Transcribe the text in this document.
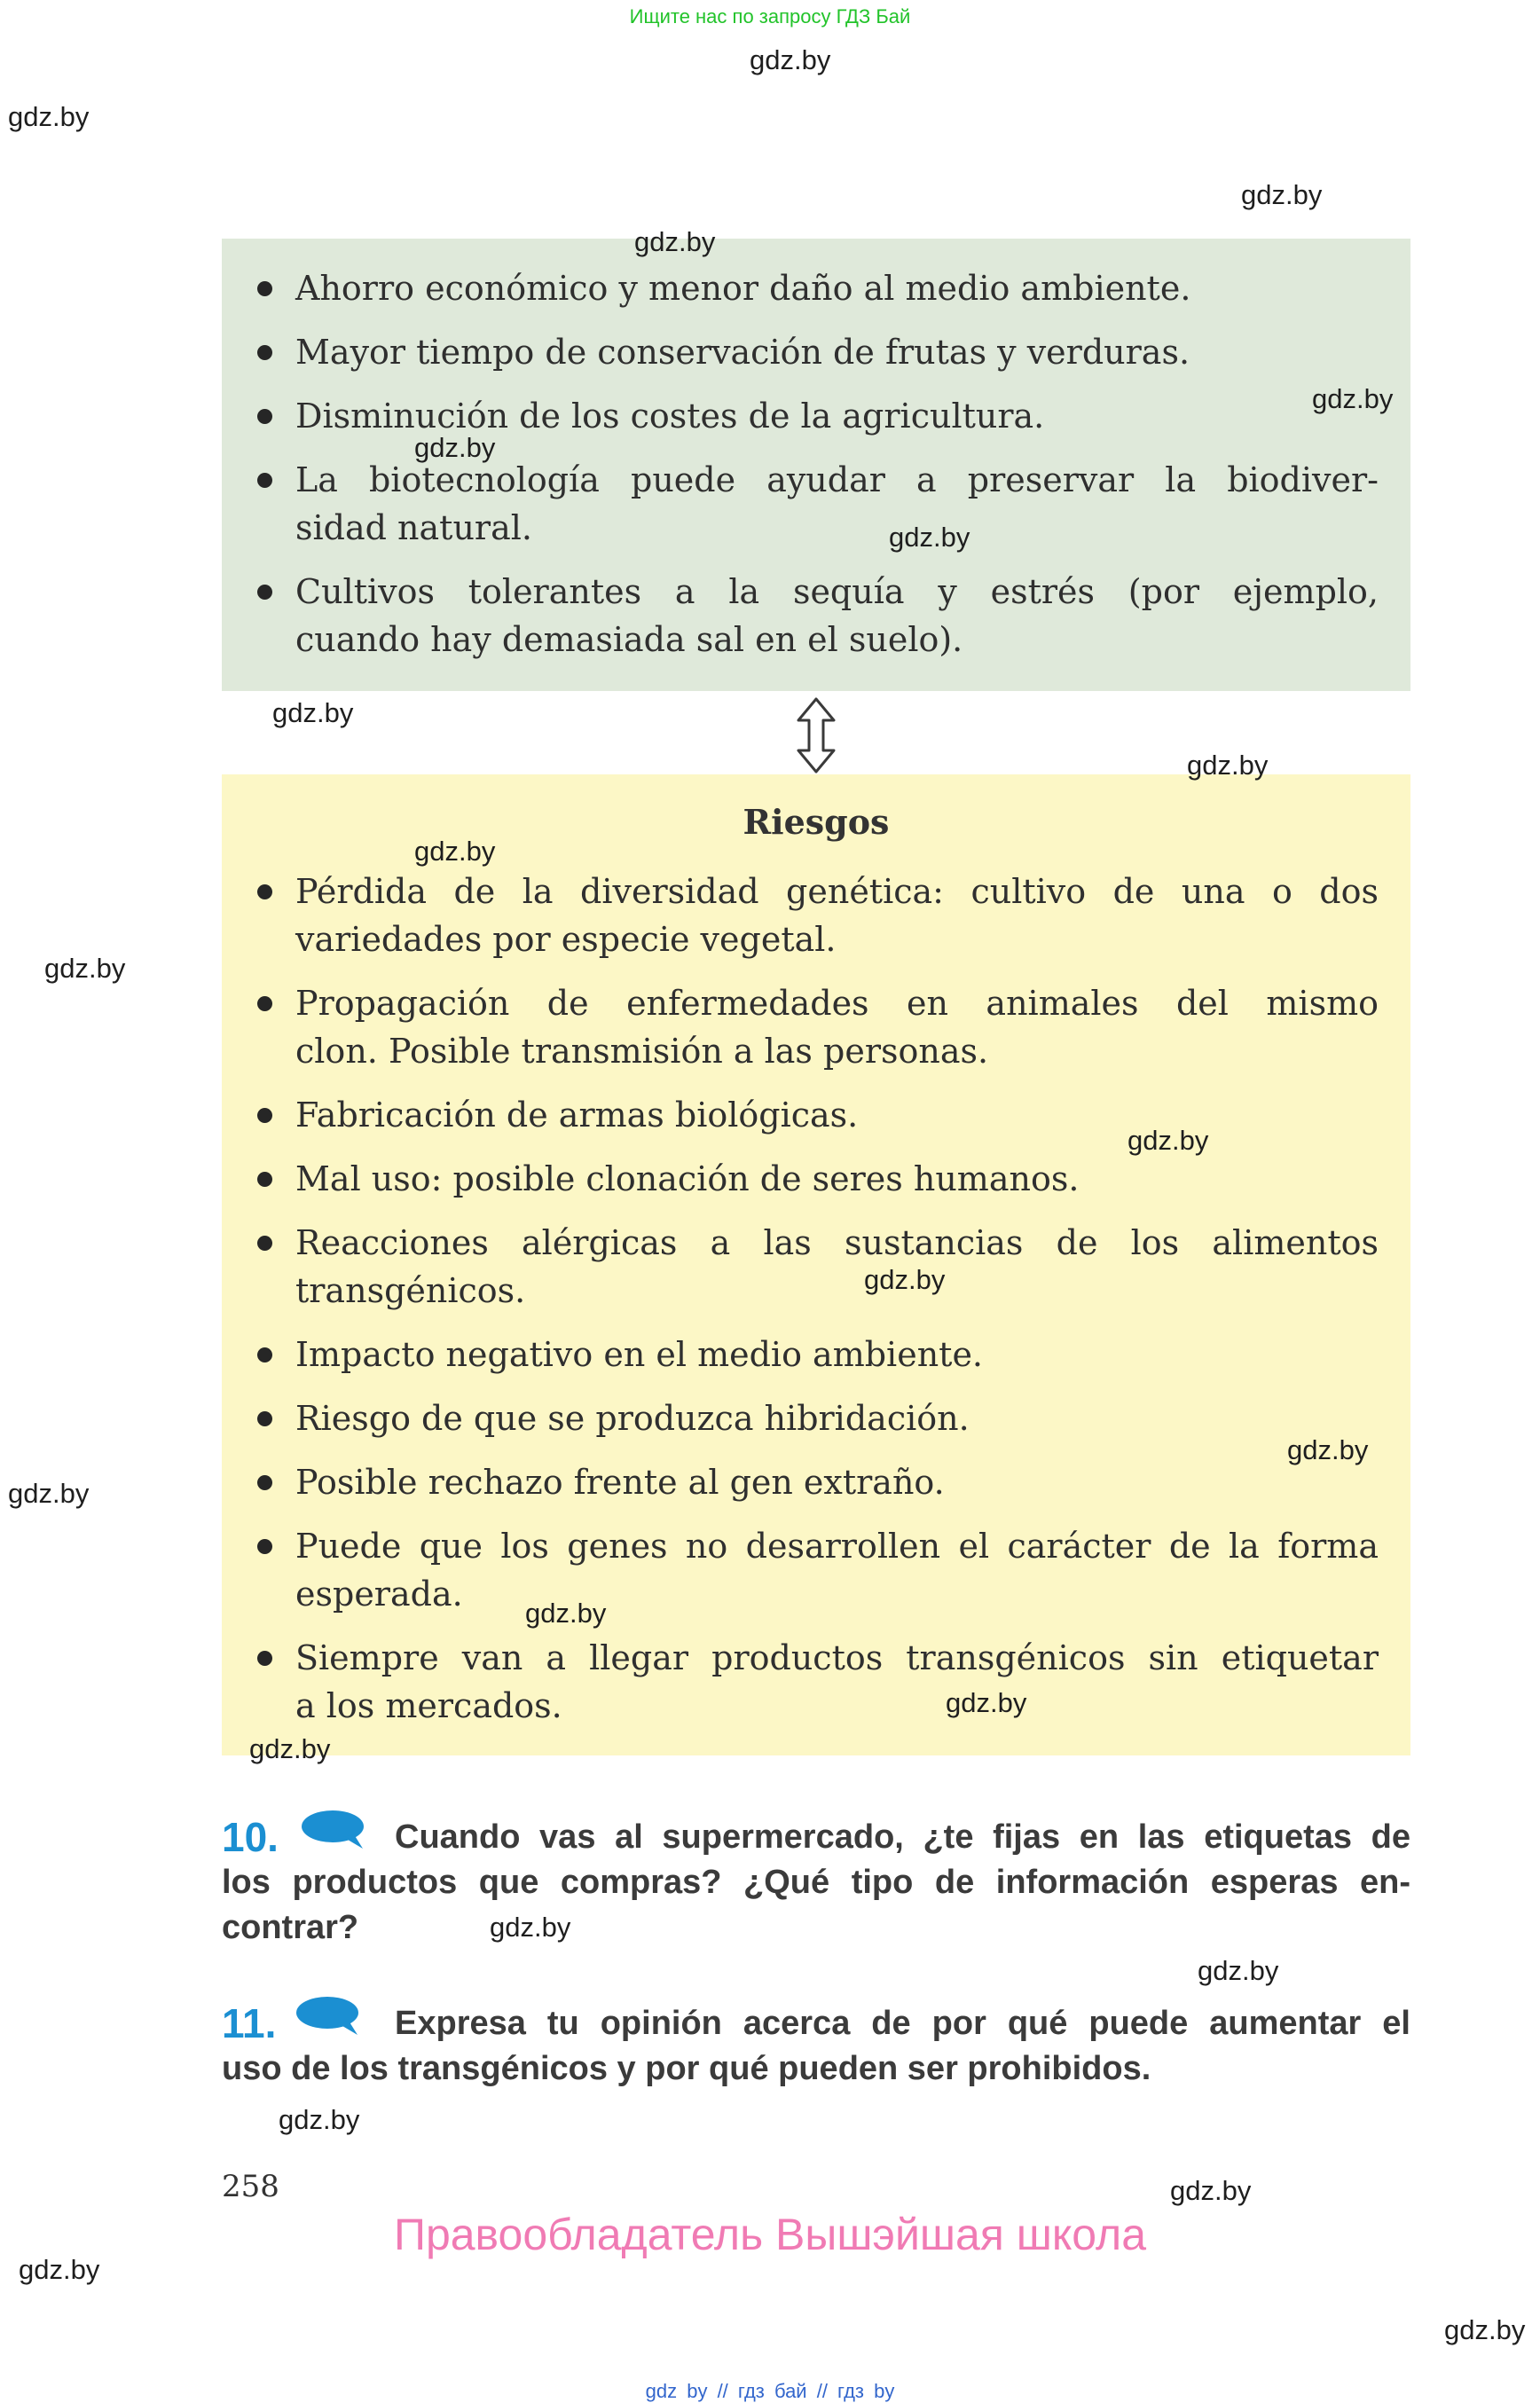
Ищите нас по запросу ГДЗ Бай
Ahorro económico y menor daño al medio ambiente.
Mayor tiempo de conservación de frutas y verduras.
Disminución de los costes de la agricultura.
La biotecnología puede ayudar a preservar la biodiver-
sidad natural.
Cultivos tolerantes a la sequía y estrés (por ejemplo,
cuando hay demasiada sal en el suelo).
Riesgos
Pérdida de la diversidad genética: cultivo de una o dos
variedades por especie vegetal.
Propagación de enfermedades en animales del mismo
clon. Posible transmisión a las personas.
Fabricación de armas biológicas.
Mal uso: posible clonación de seres humanos.
Reacciones alérgicas a las sustancias de los alimentos
transgénicos.
Impacto negativo en el medio ambiente.
Riesgo de que se produzca hibridación.
Posible rechazo frente al gen extraño.
Puede que los genes no desarrollen el carácter de la forma
esperada.
Siempre van a llegar productos transgénicos sin etiquetar
a los mercados.
10.	Cuando vas al supermercado, ¿te fijas en las etiquetas de
los productos que compras? ¿Qué tipo de información esperas en-
contrar?
11.	Expresa tu opinión acerca de por qué puede aumentar el
uso de los transgénicos y por qué pueden ser prohibidos.
258
Правообладатель Вышэйшая школа
gdz by // гдз бай // гдз by
gdz.by
gdz.by
gdz.by
gdz.by
gdz.by
gdz.by
gdz.by
gdz.by
gdz.by
gdz.by
gdz.by
gdz.by
gdz.by
gdz.by
gdz.by
gdz.by
gdz.by
gdz.by
gdz.by
gdz.by
gdz.by
gdz.by
gdz.by
gdz.by
